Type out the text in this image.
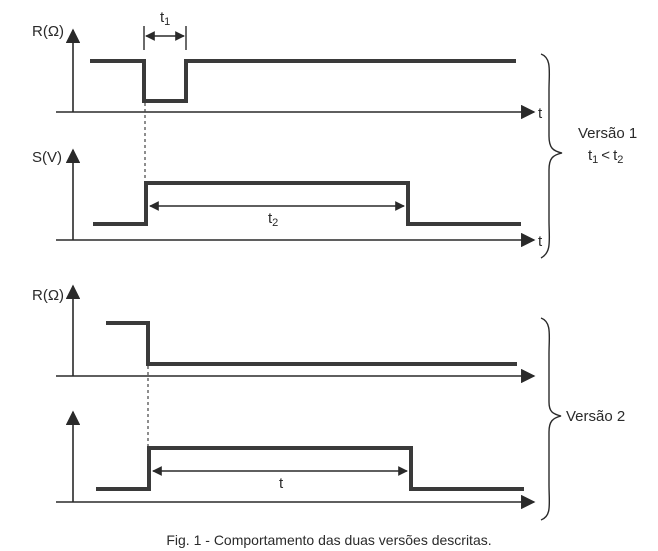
R(Ω)
t
$t_1$
S(V)
t
$t_2$
Versão 1
$t_1 < t_2$
R(Ω)
t
Versão 2
Fig. 1 - Comportamento das duas versões descritas.
